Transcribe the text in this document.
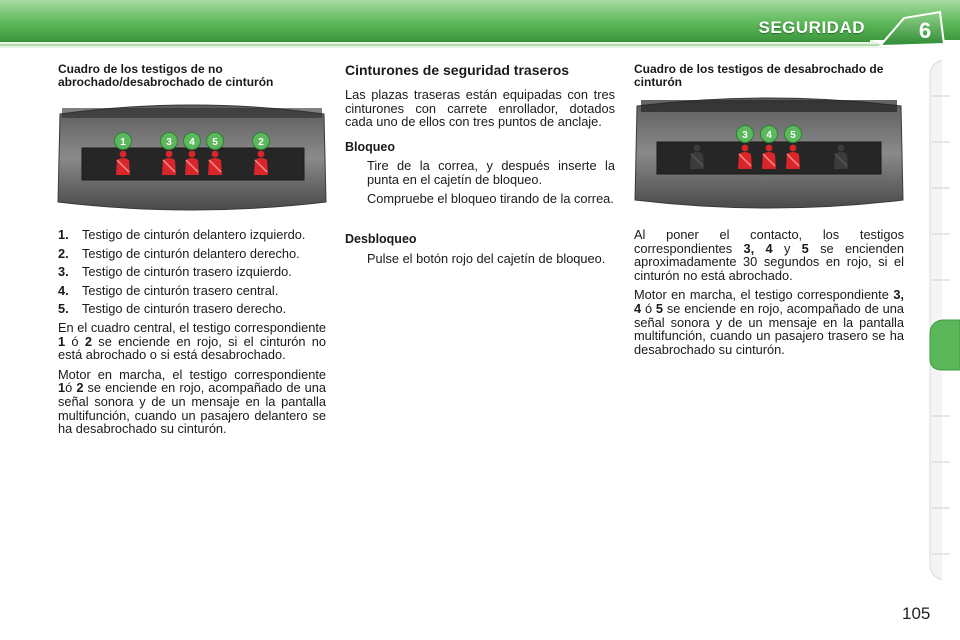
SEGURIDAD	6
Cuadro de los testigos de no abrochado/desabrochado de cinturón
1	3 4 5	2
1.	Testigo de cinturón delantero izquierdo.
2.	Testigo de cinturón delantero derecho.
3.	Testigo de cinturón trasero izquierdo.
4.	Testigo de cinturón trasero central.
5.	Testigo de cinturón trasero derecho.

En el cuadro central, el testigo correspondiente 1 ó 2 se enciende en rojo, si el cinturón no está abrochado o si está desabrochado.

Motor en marcha, el testigo correspondiente 1ó 2 se enciende en rojo, acompañado de una señal sonora y de un mensaje en la pantalla multifunción, cuando un pasajero delantero se ha desabrochado su cinturón.

Cinturones de seguridad traseros

Las plazas traseras están equipadas con tres cinturones con carrete enrollador, dotados cada uno de ellos con tres puntos de anclaje.

Bloqueo
Tire de la correa, y después inserte la punta en el cajetín de bloqueo.
Compruebe el bloqueo tirando de la correa.
Desbloqueo
Pulse el botón rojo del cajetín de bloqueo.
Cuadro de los testigos de desabrochado de cinturón
3 4 5

Al poner el contacto, los testigos correspondientes 3, 4 y 5 se encienden aproximadamente 30 segundos en rojo, si el cinturón no está abrochado.

Motor en marcha, el testigo correspondiente 3, 4 ó 5 se enciende en rojo, acompañado de una señal sonora y de un mensaje en la pantalla multifunción, cuando un pasajero trasero se ha desabrochado su cinturón.

105
